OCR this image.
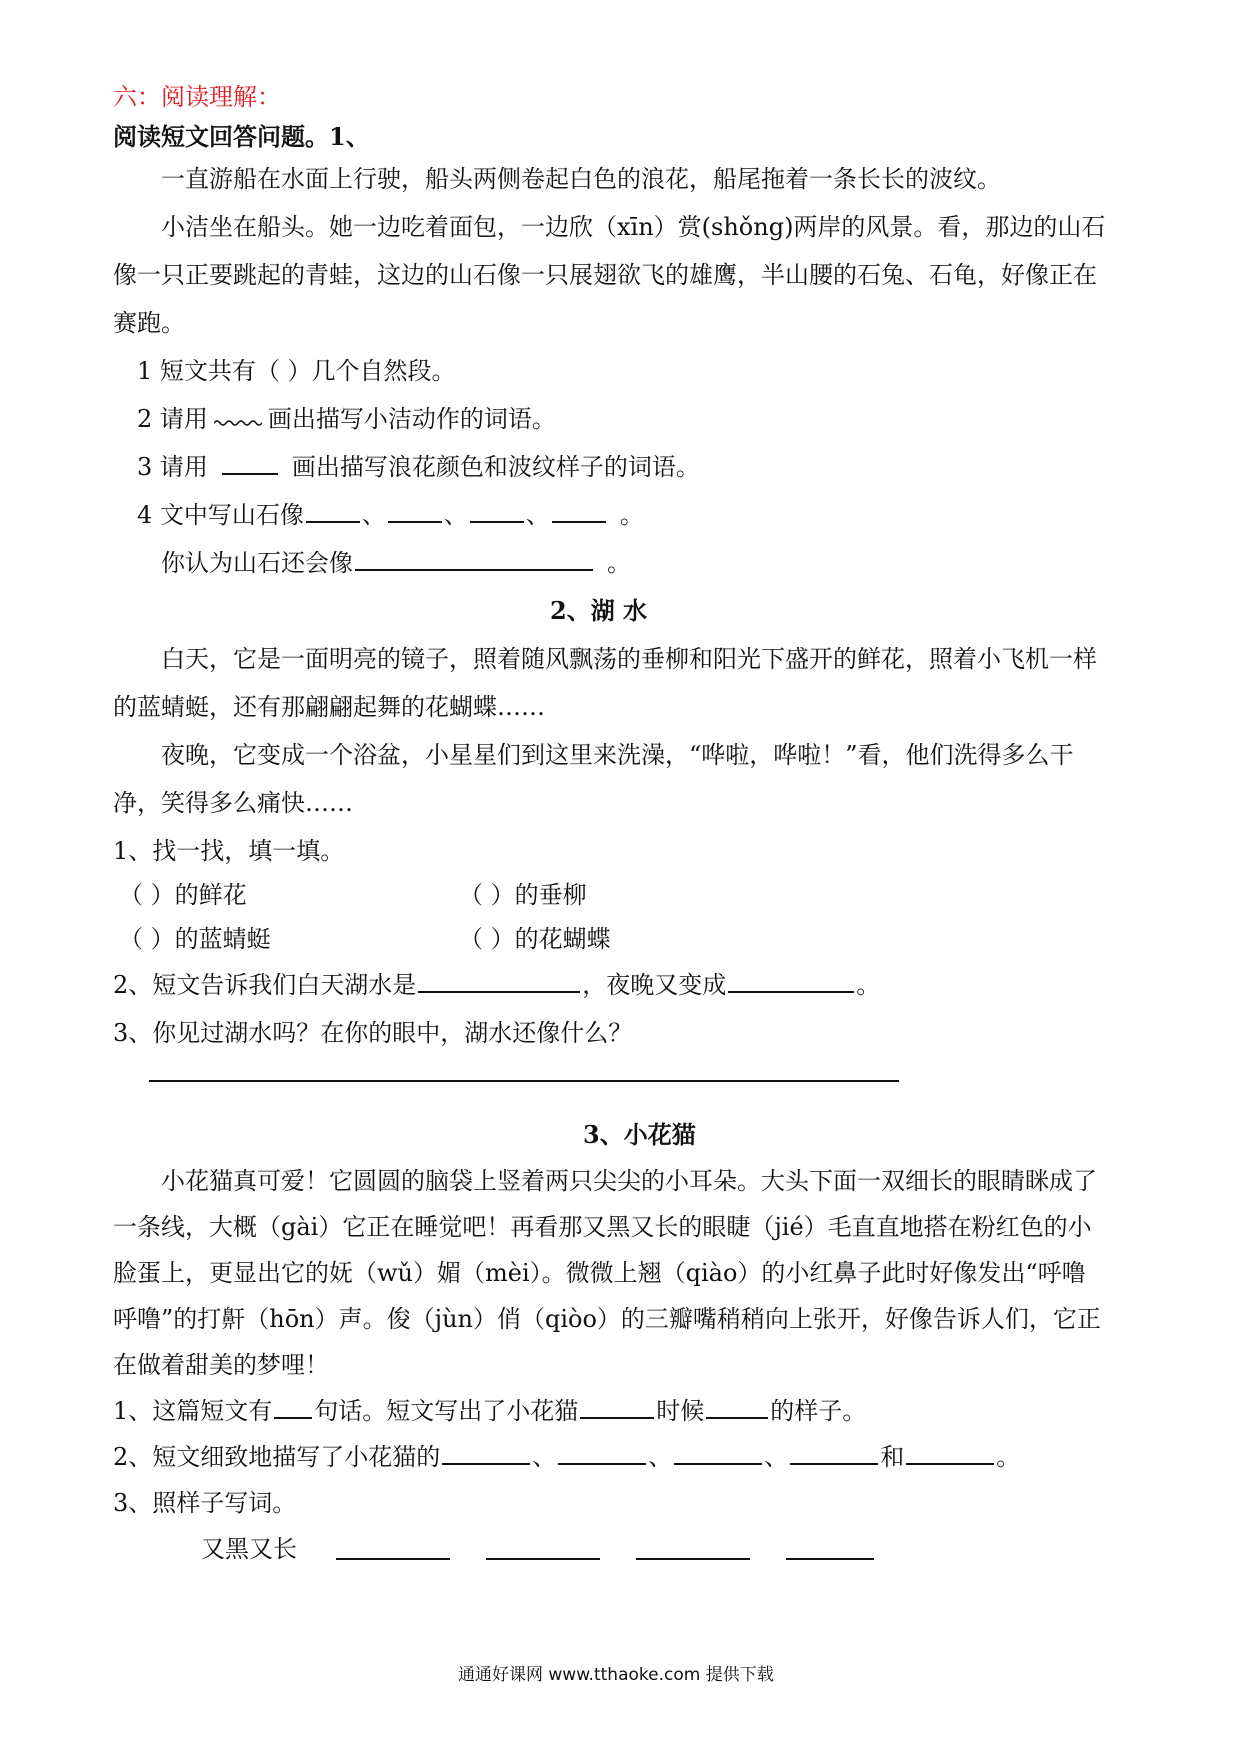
六：阅读理解：
阅读短文回答问题。1、
一直游船在水面上行驶，船头两侧卷起白色的浪花，船尾拖着一条长长的波纹。
小洁坐在船头。她一边吃着面包，一边欣（xīn）赏(shǒng)两岸的风景。看，那边的山石
像一只正要跳起的青蛙，这边的山石像一只展翅欲飞的雄鹰，半山腰的石兔、石龟，好像正在
赛跑。
1 短文共有（ ）几个自然段。
2 请用	画出描写小洁动作的词语。
3 请用	画出描写浪花颜色和波纹样子的词语。
4 文中写山石像 、 、 、	。
你认为山石还会像	。
2、湖 水
白天，它是一面明亮的镜子，照着随风飘荡的垂柳和阳光下盛开的鲜花，照着小飞机一样
的蓝蜻蜓，还有那翩翩起舞的花蝴蝶……
夜晚，它变成一个浴盆，小星星们到这里来洗澡，“哗啦，哗啦！”看，他们洗得多么干
净，笑得多么痛快……
1、找一找，填一填。
（ ）的鲜花	（ ）的垂柳
（ ）的蓝蜻蜓	（ ）的花蝴蝶
2、短文告诉我们白天湖水是	，夜晚又变成	。
3、你见过湖水吗？在你的眼中，湖水还像什么？
3、小花猫
小花猫真可爱！它圆圆的脑袋上竖着两只尖尖的小耳朵。大头下面一双细长的眼睛眯成了
一条线，大概（gài）它正在睡觉吧！再看那又黑又长的眼睫（jié）毛直直地搭在粉红色的小
脸蛋上，更显出它的妩（wǔ）媚（mèi）。微微上翘（qiào）的小红鼻子此时好像发出“呼噜
呼噜”的打鼾（hōn）声。俊（jùn）俏（qiòo）的三瓣嘴稍稍向上张开，好像告诉人们，它正
在做着甜美的梦哩！
1、这篇短文有 句话。短文写出了小花猫	时候	的样子。
2、短文细致地描写了小花猫的	、	、	、	和	。
3、照样子写词。
又黑又长
通通好课网 www.tthaoke.com 提供下载
